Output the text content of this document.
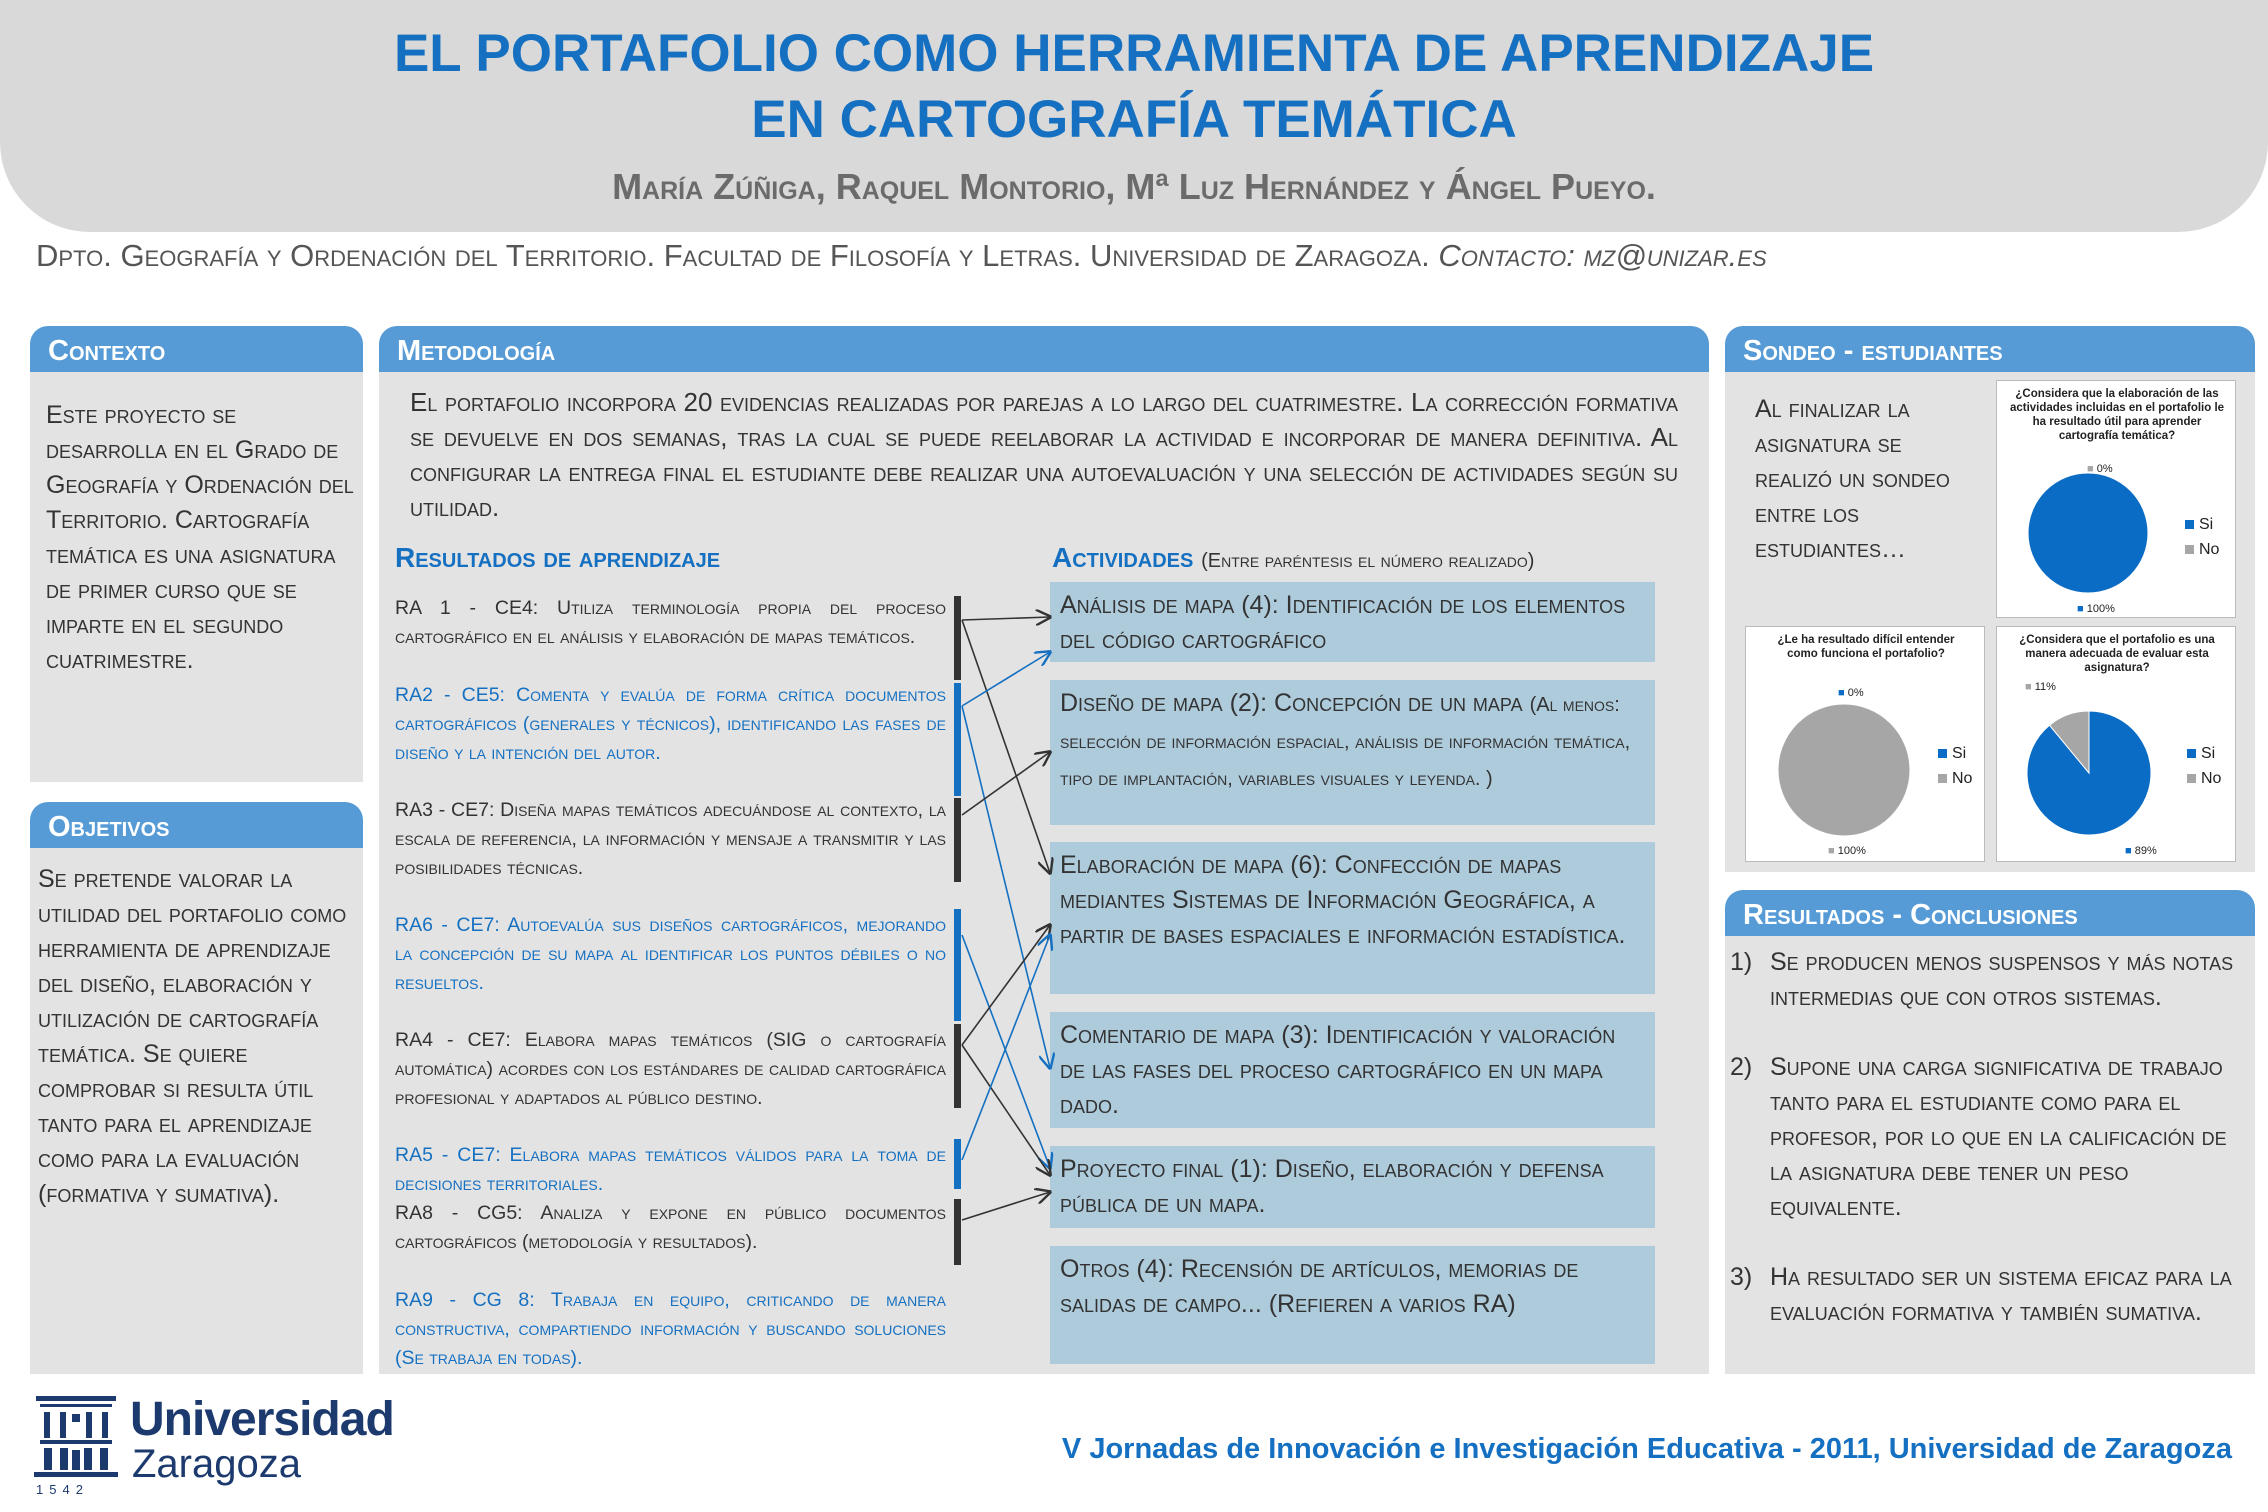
EL PORTAFOLIO COMO HERRAMIENTA DE APRENDIZAJE
EN CARTOGRAFÍA TEMÁTICA
María Zúñiga, Raquel Montorio, Mª Luz Hernández y Ángel Pueyo.
Dpto. Geografía y Ordenación del Territorio. Facultad de Filosofía y Letras. Universidad de Zaragoza. Contacto: mz@unizar.es
Contexto
Este proyecto se desarrolla en el Grado de Geografía y Ordenación del Territorio. Cartografía temática es una asignatura de primer curso que se imparte en el segundo cuatrimestre.
Objetivos
Se pretende valorar la utilidad del portafolio como herramienta de aprendizaje del diseño, elaboración y utilización de cartografía temática. Se quiere comprobar si resulta útil tanto para el aprendizaje como para la evaluación (formativa y sumativa).
Metodología
El portafolio incorpora 20 evidencias realizadas por parejas a lo largo del cuatrimestre. La corrección formativa se devuelve en dos semanas, tras la cual se puede reelaborar la actividad e incorporar de manera definitiva. Al configurar la entrega final el estudiante debe realizar una autoevaluación y una selección de actividades según su utilidad.
Resultados de aprendizaje	Actividades (Entre paréntesis el número realizado)
RA 1 - CE4: Utiliza terminología propia del proceso cartográfico en el análisis y elaboración de mapas temáticos.
RA2 - CE5: Comenta y evalúa de forma crítica documentos cartográficos (generales y técnicos), identificando las fases de diseño y la intención del autor.
RA3 - CE7: Diseña mapas temáticos adecuándose al contexto, la escala de referencia, la información y mensaje a transmitir y las posibilidades técnicas.
RA6 - CE7: Autoevalúa sus diseños cartográficos, mejorando la concepción de su mapa al identificar los puntos débiles o no resueltos.
RA4 - CE7: Elabora mapas temáticos (SIG o cartografía automática) acordes con los estándares de calidad cartográfica profesional y adaptados al público destino.
RA5 - CE7: Elabora mapas temáticos válidos para la toma de decisiones territoriales.
RA8 - CG5: Analiza y expone en público documentos cartográficos (metodología y resultados).
RA9 - CG 8: Trabaja en equipo, criticando de manera constructiva, compartiendo información y buscando soluciones (Se trabaja en todas).
Análisis de mapa (4): Identificación de los elementos del código cartográfico
Diseño de mapa (2): Concepción de un mapa (Al menos: selección de información espacial, análisis de información temática, tipo de implantación, variables visuales y leyenda. )
Elaboración de mapa (6): Confección de mapas mediantes Sistemas de Información Geográfica, a partir de bases espaciales e información estadística.
Comentario de mapa (3): Identificación y valoración de las fases del proceso cartográfico en un mapa dado.
Proyecto final (1): Diseño, elaboración y defensa pública de un mapa.
Otros (4): Recensión de artículos, memorias de salidas de campo... (Refieren a varios RA)
Sondeo - estudiantes
Al finalizar la asignatura se realizó un sondeo entre los estudiantes…
¿Considera que la elaboración de las actividades incluidas en el portafolio le ha resultado útil para aprender cartografía temática?
■ 0%
■ 100%
Si
No
¿Le ha resultado difícil entender como funciona el portafolio?
■ 0%
■ 100%
Si
No
¿Considera que el portafolio es una manera adecuada de evaluar esta asignatura?
■ 11%
■ 89%
Si
No
Resultados - Conclusiones
1) Se producen menos suspensos y más notas intermedias que con otros sistemas.
2) Supone una carga significativa de trabajo tanto para el estudiante como para el profesor, por lo que en la calificación de la asignatura debe tener un peso equivalente.
3) Ha resultado ser un sistema eficaz para la evaluación formativa y también sumativa.
Universidad
Zaragoza
1542
V Jornadas de Innovación e Investigación Educativa - 2011, Universidad de Zaragoza
